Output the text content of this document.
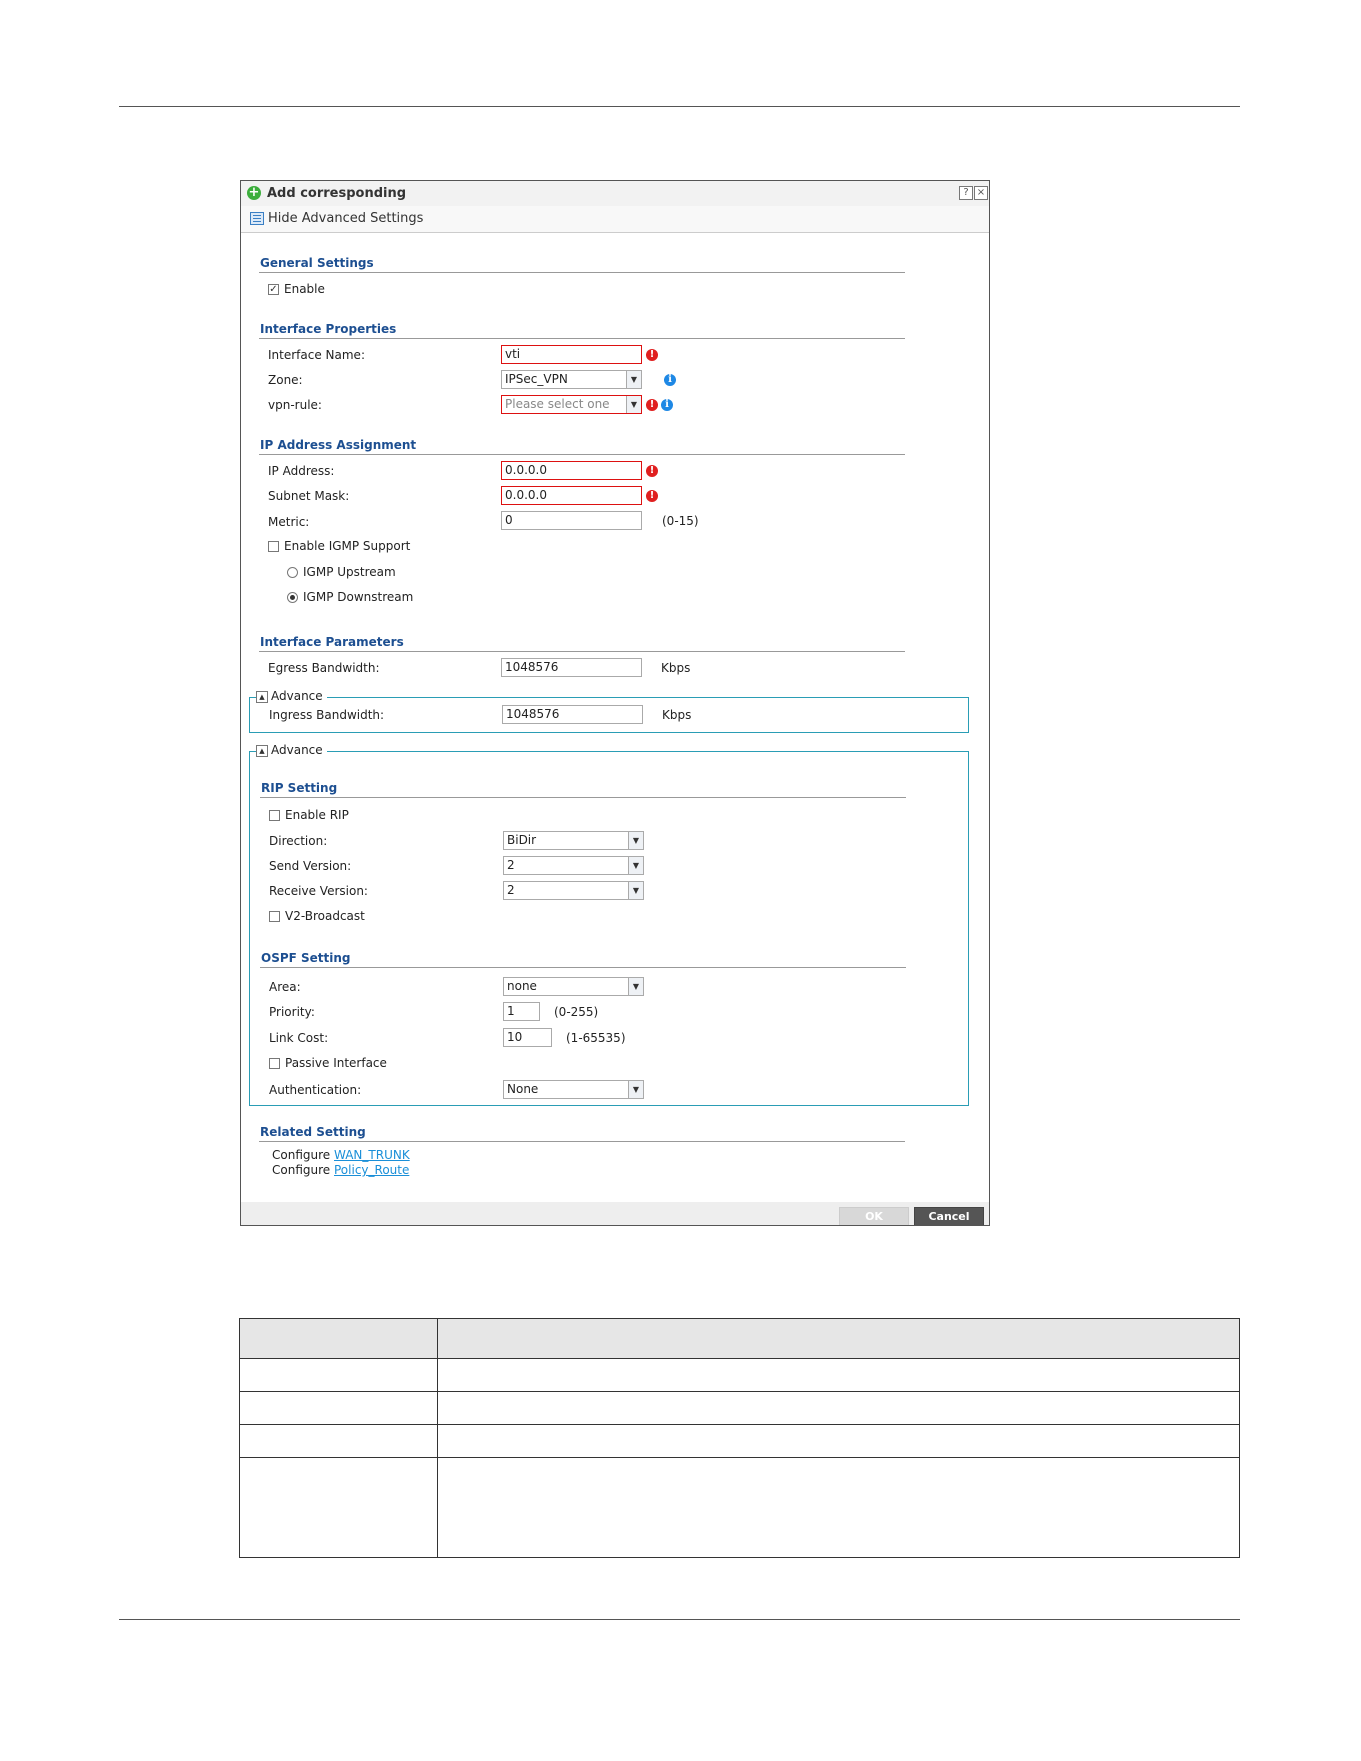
+ Add corresponding	? ×
Hide Advanced Settings
General Settings
✓ Enable
Interface Properties
Interface Name:	vti	!
Zone:	IPSec_VPN	▼	i
vpn-rule:	Please select one	▼	!	i
IP Address Assignment
IP Address:	0.0.0.0	!
Subnet Mask:	0.0.0.0	!
Metric:	0	(0-15)
Enable IGMP Support
IGMP Upstream
IGMP Downstream
Interface Parameters
Egress Bandwidth:	1048576	Kbps
▲ Advance
Ingress Bandwidth:	1048576	Kbps
▲ Advance
RIP Setting
Enable RIP
Direction:	BiDir	▼
Send Version:	2	▼
Receive Version:	2	▼
V2-Broadcast
OSPF Setting
Area:	none	▼
Priority:	1	(0-255)
Link Cost:	10	(1-65535)
Passive Interface
Authentication:	None	▼
Related Setting
Configure WAN_TRUNK
Configure Policy_Route
OK	Cancel
